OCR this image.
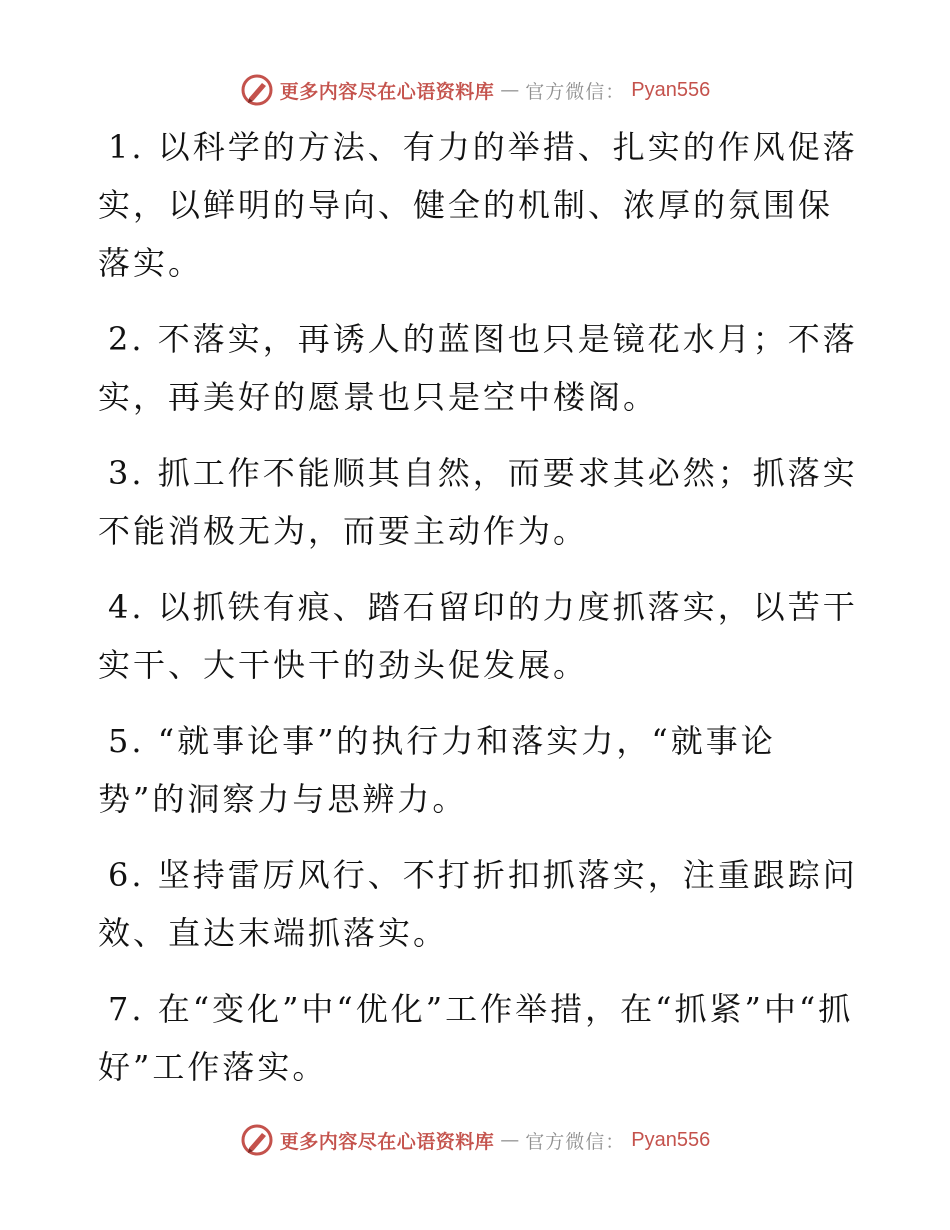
更多内容尽在心语资料库 — 官方微信： Pyan556

1. 以科学的方法、有力的举措、扎实的作风促落实，以鲜明的导向、健全的机制、浓厚的氛围保落实。

2. 不落实，再诱人的蓝图也只是镜花水月；不落实，再美好的愿景也只是空中楼阁。

3. 抓工作不能顺其自然，而要求其必然；抓落实不能消极无为，而要主动作为。

4. 以抓铁有痕、踏石留印的力度抓落实，以苦干实干、大干快干的劲头促发展。

5. “就事论事”的执行力和落实力，“就事论势”的洞察力与思辨力。

6. 坚持雷厉风行、不打折扣抓落实，注重跟踪问效、直达末端抓落实。

7. 在“变化”中“优化”工作举措，在“抓紧”中“抓好”工作落实。

更多内容尽在心语资料库 — 官方微信： Pyan556
